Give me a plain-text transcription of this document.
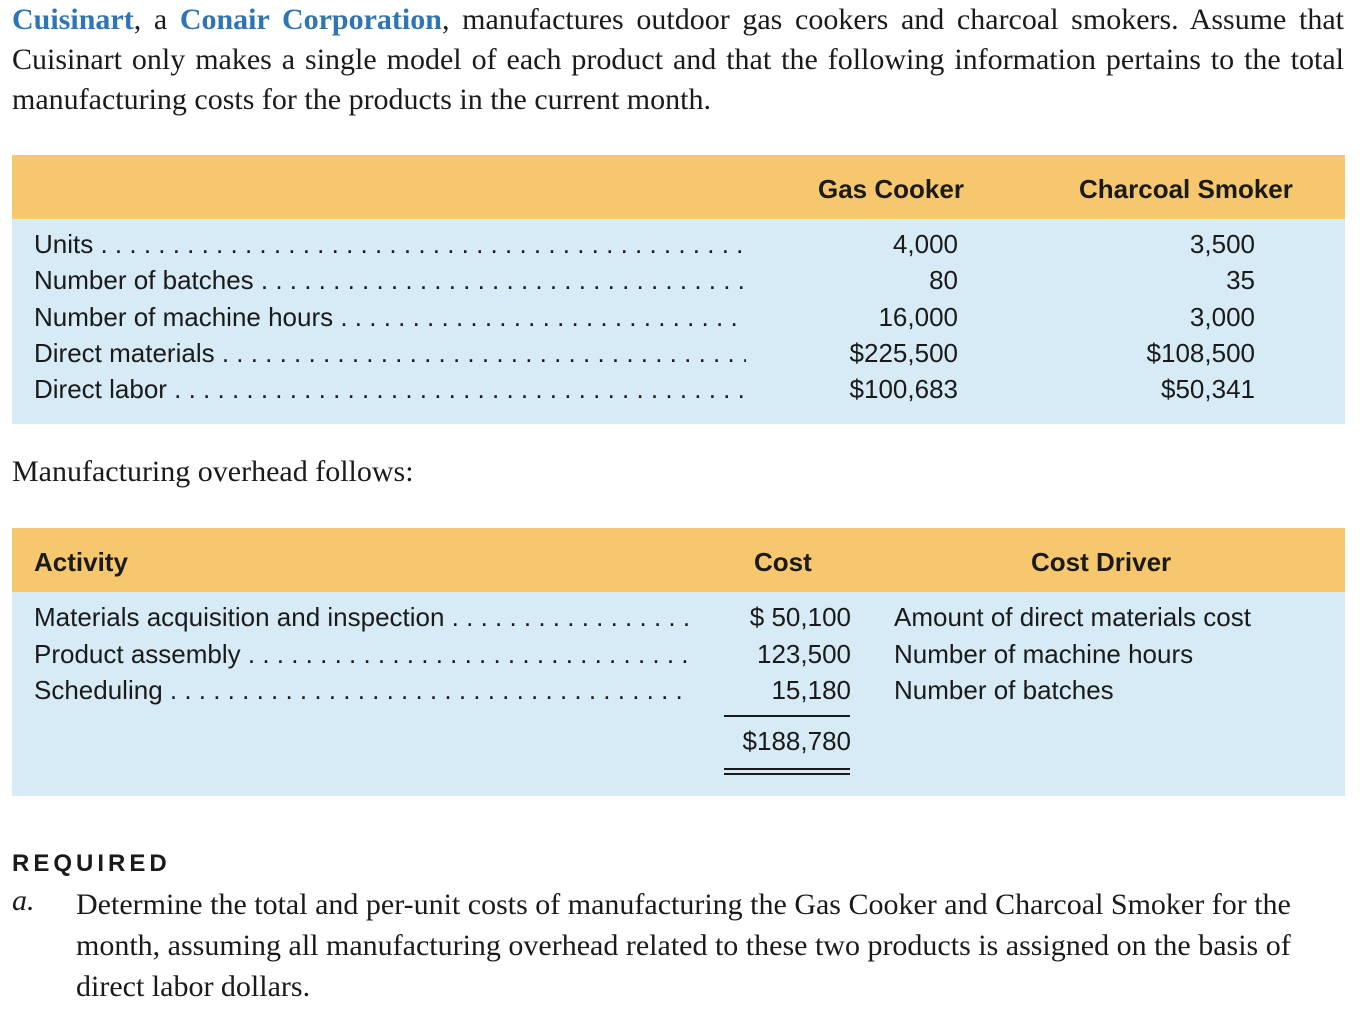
Cuisinart, a Conair Corporation, manufactures outdoor gas cookers and charcoal smokers. Assume that Cuisinart only makes a single model of each product and that the following information pertains to the total manufacturing costs for the products in the current month.
Gas Cooker	Charcoal Smoker
Units . . .	4,000	3,500
Number of batches . . .	80	35
Number of machine hours . . .	16,000	3,000
Direct materials . . .	$225,500	$108,500
Direct labor . . .	$100,683	$50,341
Manufacturing overhead follows:
Activity	Cost	Cost Driver
Materials acquisition and inspection . . .	$ 50,100 Amount of direct materials cost
Product assembly . . .	123,500 Number of machine hours
Scheduling . . .	15,180 Number of batches
$188,780
REQUIRED
a. Determine the total and per-unit costs of manufacturing the Gas Cooker and Charcoal Smoker for the month, assuming all manufacturing overhead related to these two products is assigned on the basis of direct labor dollars.
